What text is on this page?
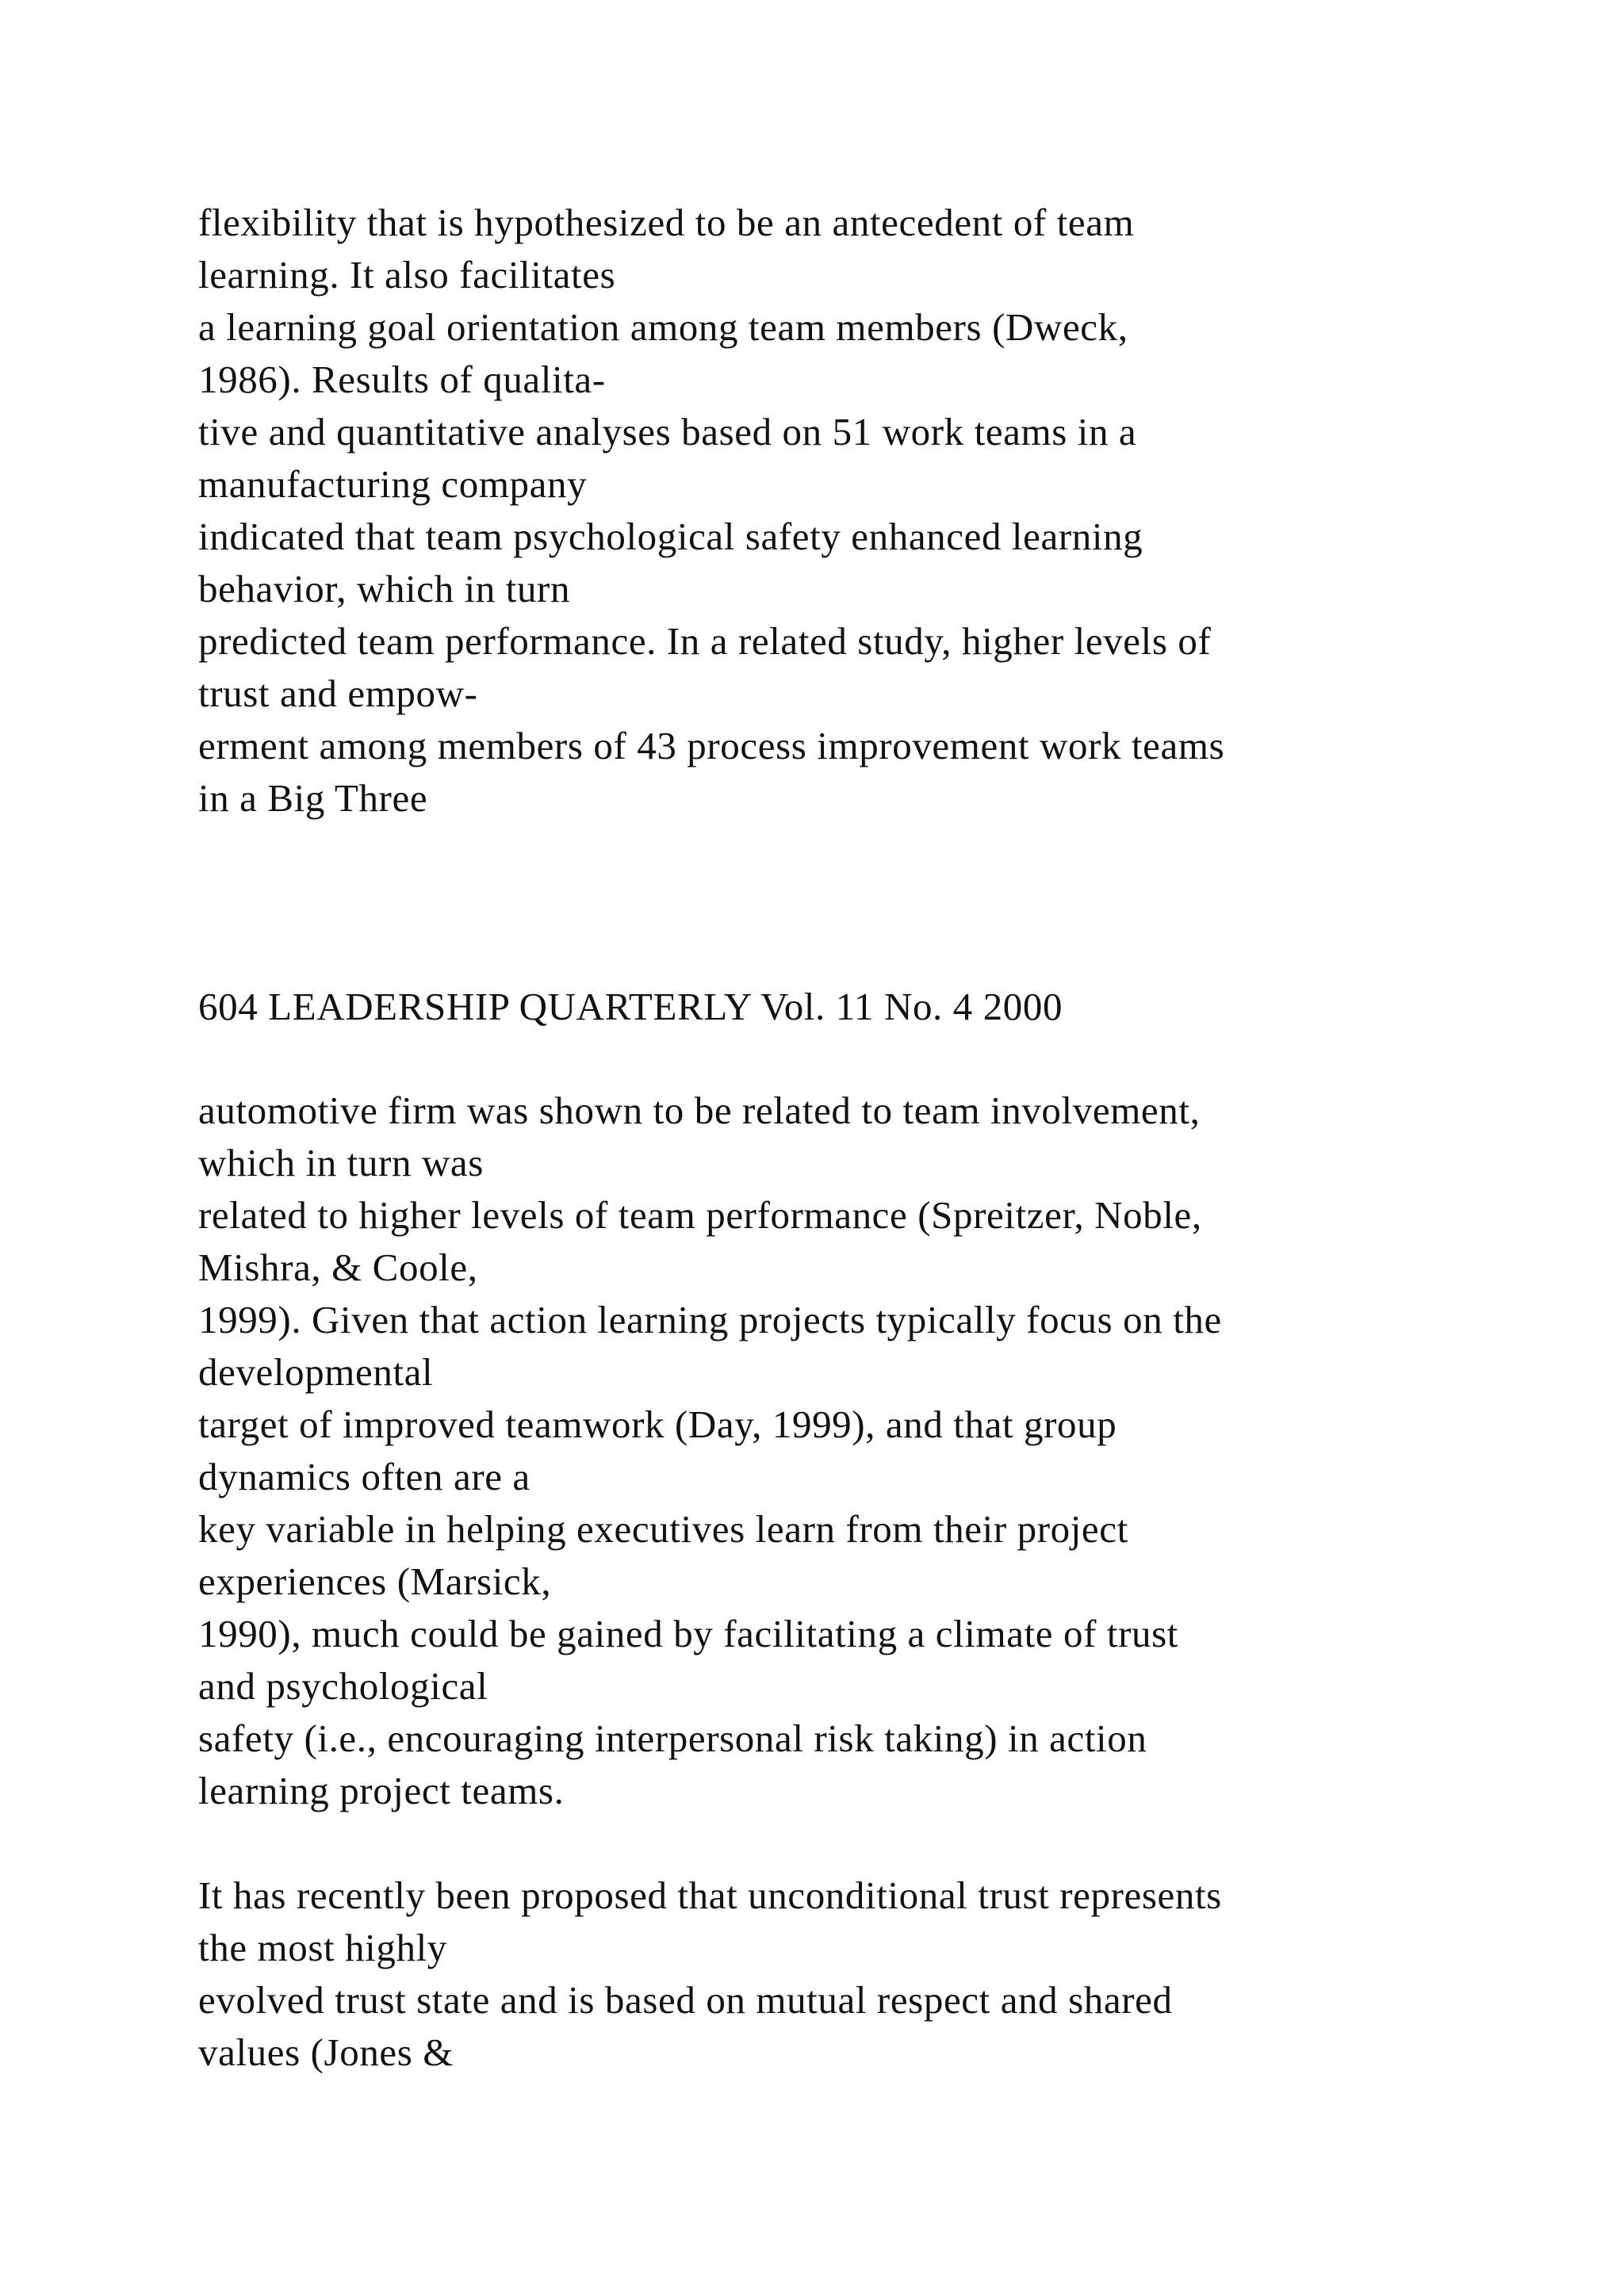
flexibility that is hypothesized to be an antecedent of team
learning. It also facilitates
a learning goal orientation among team members (Dweck,
1986). Results of qualita-
tive and quantitative analyses based on 51 work teams in a
manufacturing company
indicated that team psychological safety enhanced learning
behavior, which in turn
predicted team performance. In a related study, higher levels of
trust and empow-
erment among members of 43 process improvement work teams
in a Big Three
604 LEADERSHIP QUARTERLY Vol. 11 No. 4 2000
automotive firm was shown to be related to team involvement,
which in turn was
related to higher levels of team performance (Spreitzer, Noble,
Mishra, & Coole,
1999). Given that action learning projects typically focus on the
developmental
target of improved teamwork (Day, 1999), and that group
dynamics often are a
key variable in helping executives learn from their project
experiences (Marsick,
1990), much could be gained by facilitating a climate of trust
and psychological
safety (i.e., encouraging interpersonal risk taking) in action
learning project teams.
It has recently been proposed that unconditional trust represents
the most highly
evolved trust state and is based on mutual respect and shared
values (Jones &
